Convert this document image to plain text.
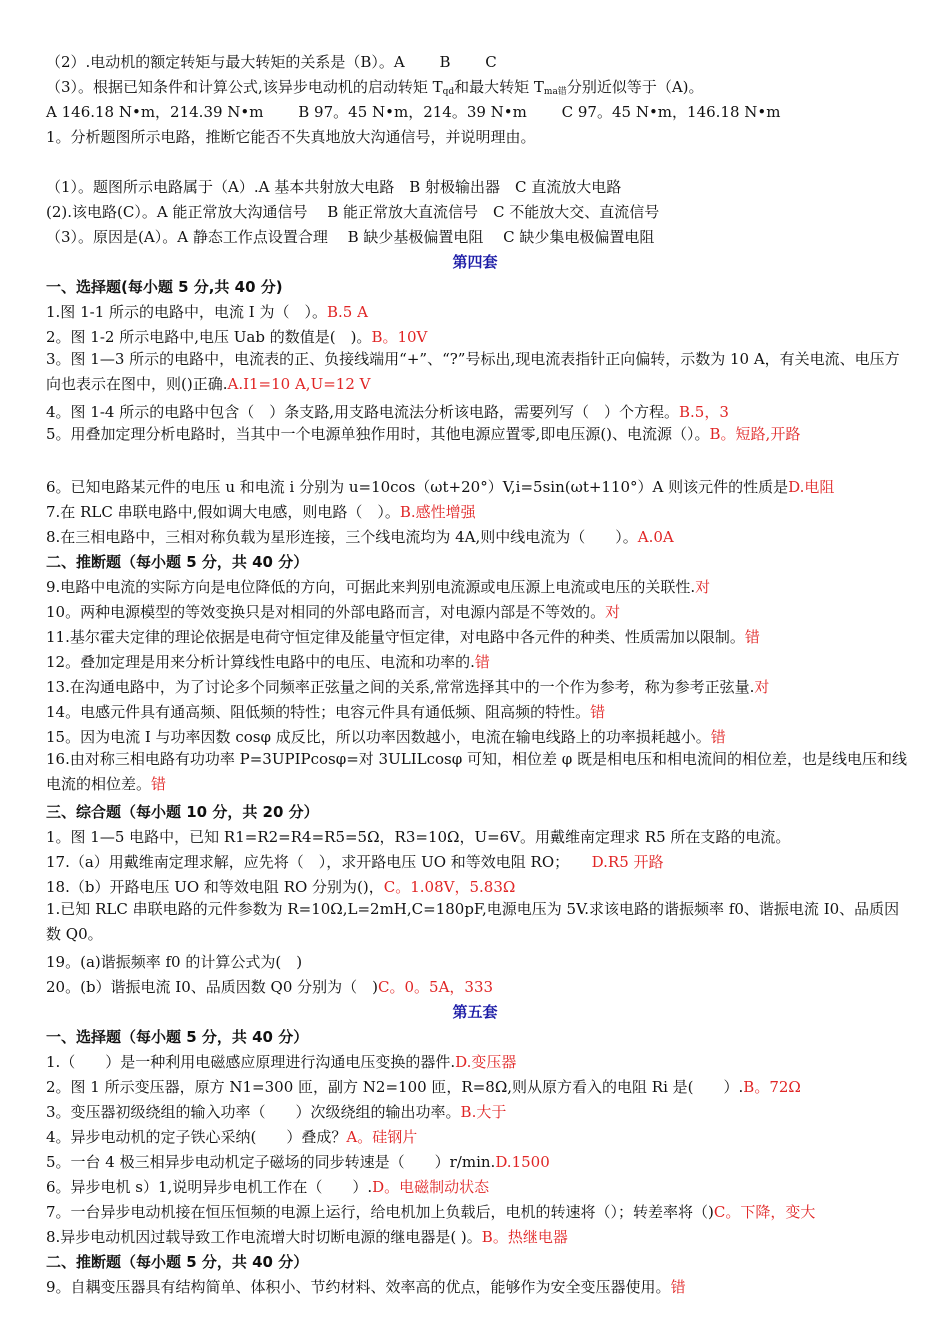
（2）.电动机的额定转矩与最大转矩的关系是（B）。A　　 B　　 C
（3）。根据已知条件和计算公式,该异步电动机的启动转矩 $T_{qd}$和最大转矩 $T_{ma错}$分别近似等于（A)。
A 146.18 N•m，214.39 N•m　　 B 97。45 N•m，214。39 N•m　　 C 97。45 N•m，146.18 N•m
1。分析题图所示电路，推断它能否不失真地放大沟通信号，并说明理由。
（1）。题图所示电路属于（A）.A 基本共射放大电路　B 射极输出器　C 直流放大电路
(2).该电路(C）。A 能正常放大沟通信号　 B 能正常放大直流信号　C 不能放大交、直流信号
（3）。原因是(A）。A 静态工作点设置合理　 B 缺少基极偏置电阻　 C 缺少集电极偏置电阻
第四套
一、选择题(每小题 5 分,共 40 分)
1.图 1-1 所示的电路中，电流 I 为（　）。B.5 A
2。图 1-2 所示电路中,电压 Uab 的数值是(　)。B。10V
3。图 1—3 所示的电路中，电流表的正、负接线端用“+”、“?”号标出,现电流表指针正向偏转，示数为 10 A，有关电流、电压方向也表示在图中，则()正确.A.I1=10 A,U=12 V
4。图 1-4 所示的电路中包含（　）条支路,用支路电流法分析该电路，需要列写（　）个方程。B.5，3
5。用叠加定理分析电路时，当其中一个电源单独作用时，其他电源应置零,即电压源()、电流源（）。B。短路,开路
6。已知电路某元件的电压 u 和电流 i 分别为 u=10cos（ωt+20°）V,i=5sin(ωt+110°）A 则该元件的性质是D.电阻
7.在 RLC 串联电路中,假如调大电感，则电路（　）。B.感性增强
8.在三相电路中，三相对称负载为星形连接，三个线电流均为 4A,则中线电流为（　　）。A.0A
二、推断题（每小题 5 分，共 40 分）
9.电路中电流的实际方向是电位降低的方向，可据此来判别电流源或电压源上电流或电压的关联性.对
10。两种电源模型的等效变换只是对相同的外部电路而言，对电源内部是不等效的。对
11.基尔霍夫定律的理论依据是电荷守恒定律及能量守恒定律，对电路中各元件的种类、性质需加以限制。错
12。叠加定理是用来分析计算线性电路中的电压、电流和功率的.错
13.在沟通电路中，为了讨论多个同频率正弦量之间的关系,常常选择其中的一个作为参考，称为参考正弦量.对
14。电感元件具有通高频、阻低频的特性；电容元件具有通低频、阻高频的特性。错
15。因为电流 I 与功率因数 cosφ 成反比，所以功率因数越小，电流在输电线路上的功率损耗越小。错
16.由对称三相电路有功功率 P=3UPIPcosφ=对 3ULILcosφ 可知，相位差 φ 既是相电压和相电流间的相位差，也是线电压和线电流的相位差。错
三、综合题（每小题 10 分，共 20 分）
1。图 1—5 电路中，已知 R1=R2=R4=R5=5Ω，R3=10Ω，U=6V。用戴维南定理求 R5 所在支路的电流。
17.（a）用戴维南定理求解，应先将（　），求开路电压 UO 和等效电阻 RO；　　D.R5 开路
18.（b）开路电压 UO 和等效电阻 RO 分别为()，C。1.08V，5.83Ω
1.已知 RLC 串联电路的元件参数为 R=10Ω,L=2mH,C=180pF,电源电压为 5V.求该电路的谐振频率 f0、谐振电流 I0、品质因数 Q0。
19。(a)谐振频率 f0 的计算公式为(　)
20。(b）谐振电流 I0、品质因数 Q0 分别为（　)C。0。5A，333
第五套
一、选择题（每小题 5 分，共 40 分）
1.（　　）是一种利用电磁感应原理进行沟通电压变换的器件.D.变压器
2。图 1 所示变压器，原方 N1=300 匝，副方 N2=100 匝，R=8Ω,则从原方看入的电阻 Ri 是(　　）.B。72Ω
3。变压器初级绕组的输入功率（　　）次级绕组的输出功率。B.大于
4。异步电动机的定子铁心采纳(　　）叠成？A。硅钢片
5。一台 4 极三相异步电动机定子磁场的同步转速是（　　）r/min.D.1500
6。异步电机 s）1,说明异步电机工作在（　　）.D。电磁制动状态
7。一台异步电动机接在恒压恒频的电源上运行，给电机加上负载后，电机的转速将（）；转差率将（)C。下降，变大
8.异步电动机因过载导致工作电流增大时切断电源的继电器是( )。B。热继电器
二、推断题（每小题 5 分，共 40 分）
9。自耦变压器具有结构简单、体积小、节约材料、效率高的优点，能够作为安全变压器使用。错
